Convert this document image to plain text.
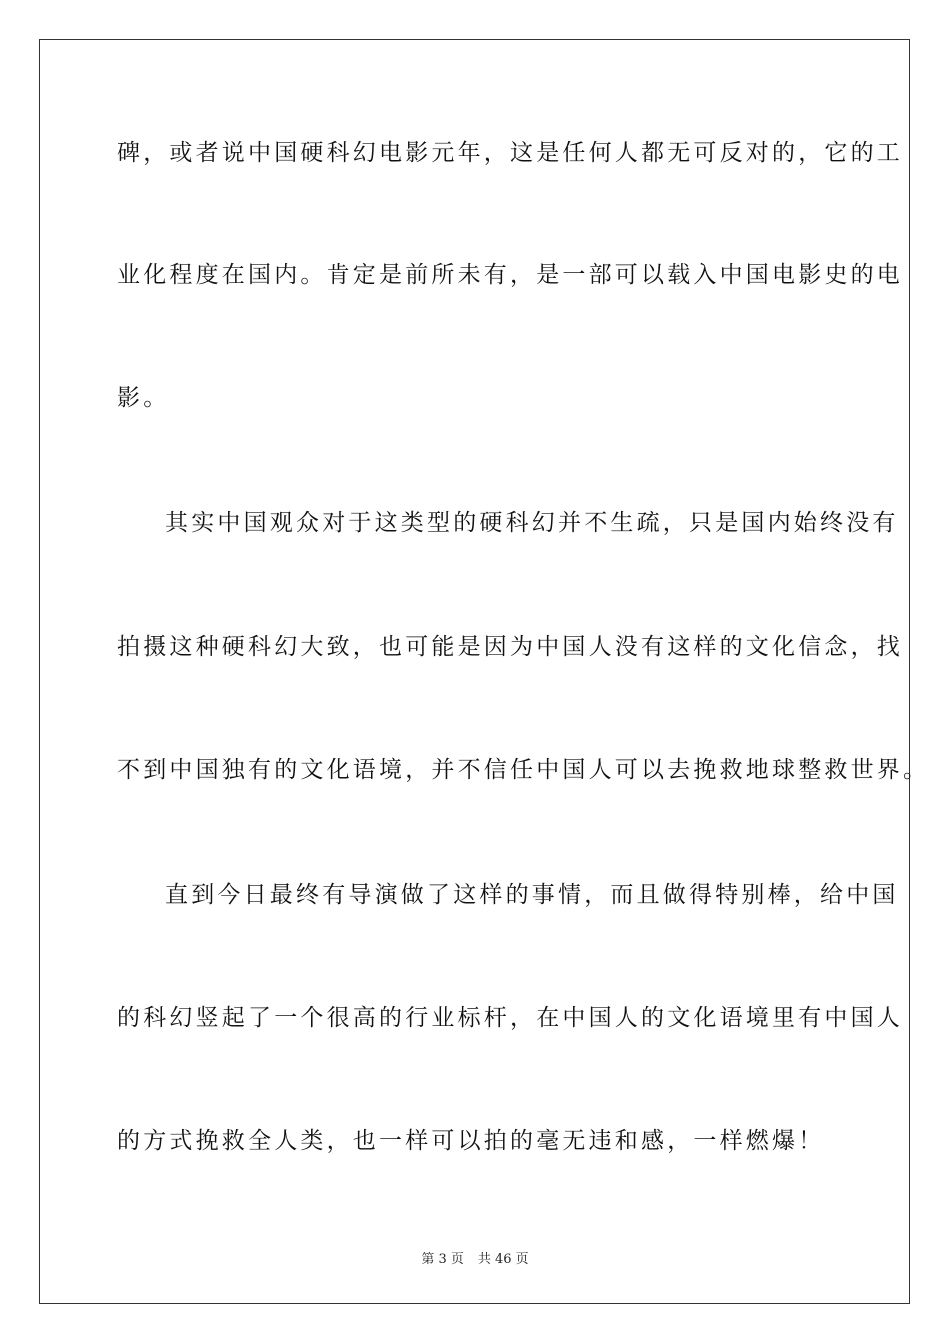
碑，或者说中国硬科幻电影元年，这是任何人都无可反对的，它的工
业化程度在国内。肯定是前所未有，是一部可以载入中国电影史的电
影。
其实中国观众对于这类型的硬科幻并不生疏，只是国内始终没有
拍摄这种硬科幻大致，也可能是因为中国人没有这样的文化信念，找
不到中国独有的文化语境，并不信任中国人可以去挽救地球整救世界。
直到今日最终有导演做了这样的事情，而且做得特别棒，给中国
的科幻竖起了一个很高的行业标杆，在中国人的文化语境里有中国人
的方式挽救全人类，也一样可以拍的毫无违和感，一样燃爆！
第 3 页 共 46 页
